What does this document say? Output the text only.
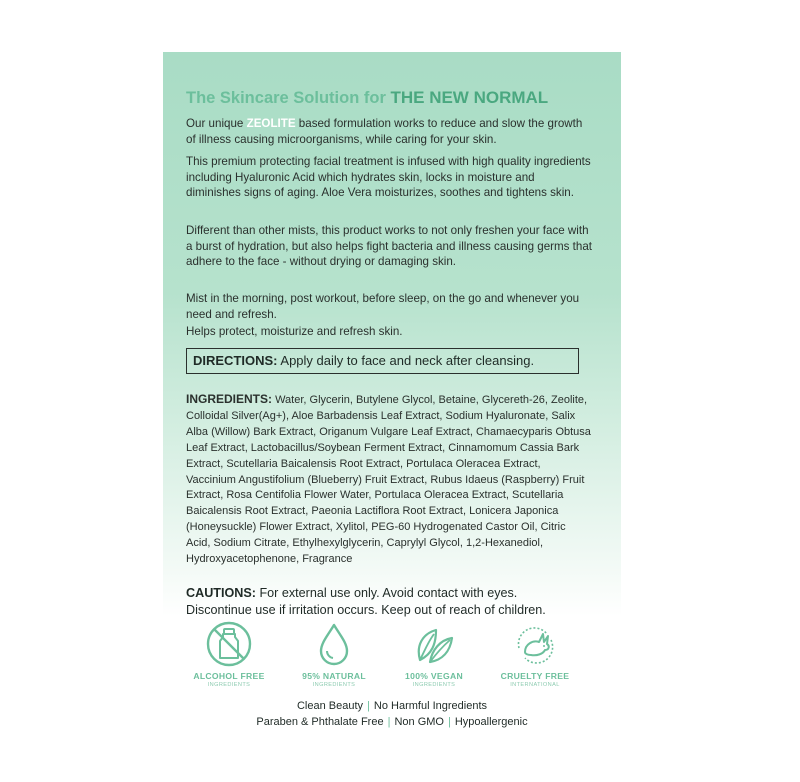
The Skincare Solution for THE NEW NORMAL
Our unique ZEOLITE based formulation works to reduce and slow the growth of illness causing microorganisms, while caring for your skin.
This premium protecting facial treatment is infused with high quality ingredients including Hyaluronic Acid which hydrates skin, locks in moisture and diminishes signs of aging. Aloe Vera moisturizes, soothes and tightens skin.
Different than other mists, this product works to not only freshen your face with a burst of hydration, but also helps fight bacteria and illness causing germs that adhere to the face - without drying or damaging skin.
Mist in the morning, post workout, before sleep, on the go and whenever you need and refresh.
Helps protect, moisturize and refresh skin.
DIRECTIONS: Apply daily to face and neck after cleansing.
INGREDIENTS: Water, Glycerin, Butylene Glycol, Betaine, Glycereth-26, Zeolite, Colloidal Silver(Ag+), Aloe Barbadensis Leaf Extract, Sodium Hyaluronate, Salix Alba (Willow) Bark Extract, Origanum Vulgare Leaf Extract, Chamaecyparis Obtusa Leaf Extract, Lactobacillus/Soybean Ferment Extract, Cinnamomum Cassia Bark Extract, Scutellaria Baicalensis Root Extract, Portulaca Oleracea Extract, Vaccinium Angustifolium (Blueberry) Fruit Extract, Rubus Idaeus (Raspberry) Fruit Extract, Rosa Centifolia Flower Water, Portulaca Oleracea Extract, Scutellaria Baicalensis Root Extract, Paeonia Lactiflora Root Extract, Lonicera Japonica (Honeysuckle) Flower Extract, Xylitol, PEG-60 Hydrogenated Castor Oil, Citric Acid, Sodium Citrate, Ethylhexylglycerin, Caprylyl Glycol, 1,2-Hexanediol, Hydroxyacetophenone, Fragrance
CAUTIONS: For external use only. Avoid contact with eyes.
Discontinue use if irritation occurs. Keep out of reach of children.
ALCOHOL FREE
INGREDIENTS
95% NATURAL
INGREDIENTS
100% VEGAN
INGREDIENTS
CRUELTY FREE
INTERNATIONAL
Clean Beauty | No Harmful Ingredients
Paraben & Phthalate Free | Non GMO | Hypoallergenic
